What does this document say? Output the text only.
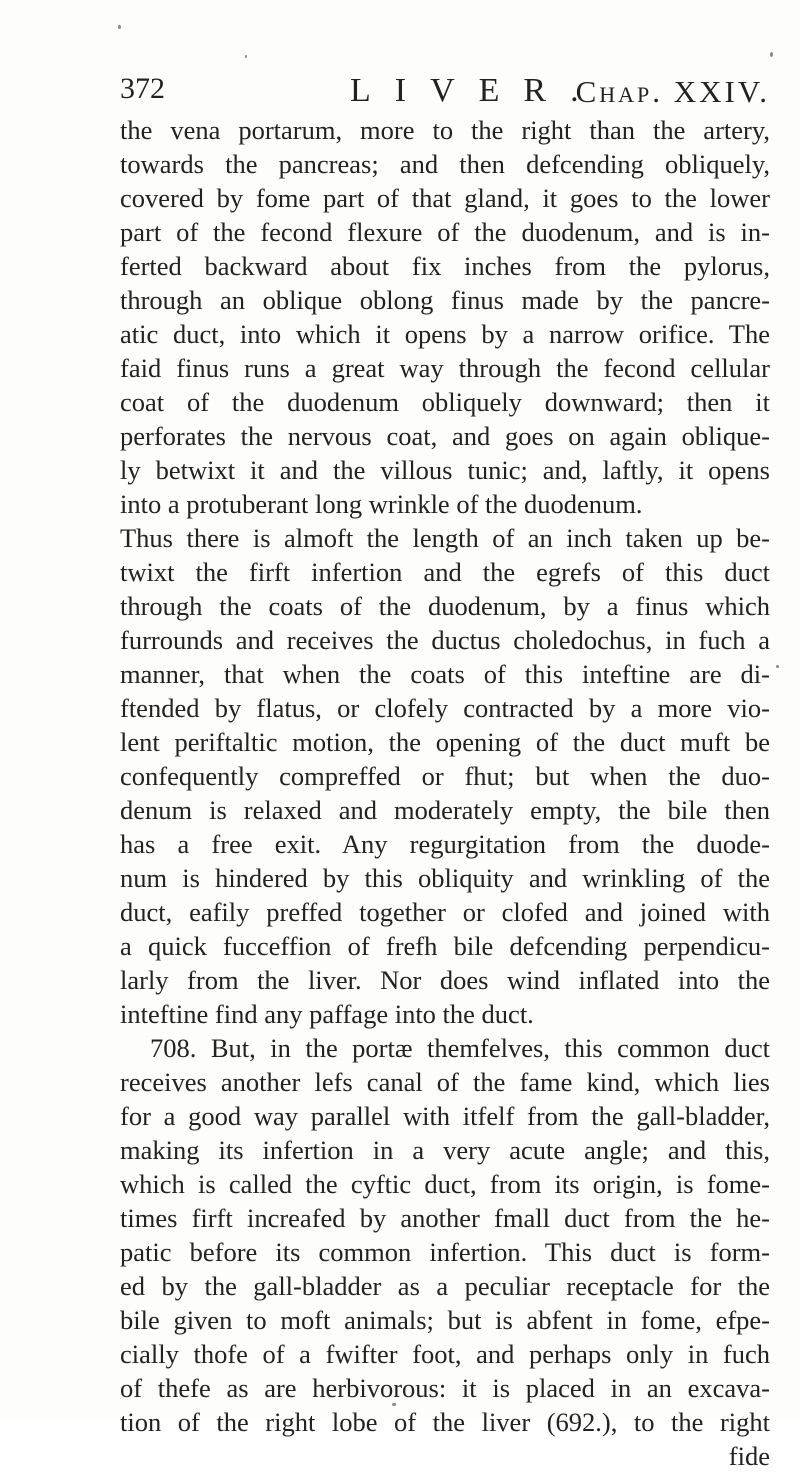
372	LIVER.
Chap. XXIV.
the vena portarum, more to the right than the artery,
towards the pancreas; and then defcending obliquely,
covered by fome part of that gland, it goes to the lower
part of the fecond flexure of the duodenum, and is in-
ferted backward about fix inches from the pylorus,
through an oblique oblong finus made by the pancre-
atic duct, into which it opens by a narrow orifice. The
faid finus runs a great way through the fecond cellular
coat of the duodenum obliquely downward; then it
perforates the nervous coat, and goes on again oblique-
ly betwixt it and the villous tunic; and, laftly, it opens
into a protuberant long wrinkle of the duodenum.
Thus there is almoft the length of an inch taken up be-
twixt the firft infertion and the egrefs of this duct
through the coats of the duodenum, by a finus which
furrounds and receives the ductus choledochus, in fuch a
manner, that when the coats of this inteftine are di-
ftended by flatus, or clofely contracted by a more vio-
lent periftaltic motion, the opening of the duct muft be
confequently compreffed or fhut; but when the duo-
denum is relaxed and moderately empty, the bile then
has a free exit. Any regurgitation from the duode-
num is hindered by this obliquity and wrinkling of the
duct, eafily preffed together or clofed and joined with
a quick fucceffion of frefh bile defcending perpendicu-
larly from the liver. Nor does wind inflated into the
inteftine find any paffage into the duct.
708. But, in the portæ themfelves, this common duct
receives another lefs canal of the fame kind, which lies
for a good way parallel with itfelf from the gall-bladder,
making its infertion in a very acute angle; and this,
which is called the cyftic duct, from its origin, is fome-
times firft increafed by another fmall duct from the he-
patic before its common infertion. This duct is form-
ed by the gall-bladder as a peculiar receptacle for the
bile given to moft animals; but is abfent in fome, efpe-
cially thofe of a fwifter foot, and perhaps only in fuch
of thefe as are herbivorous: it is placed in an excava-
tion of the right lobe of the liver (692.), to the right
fide
